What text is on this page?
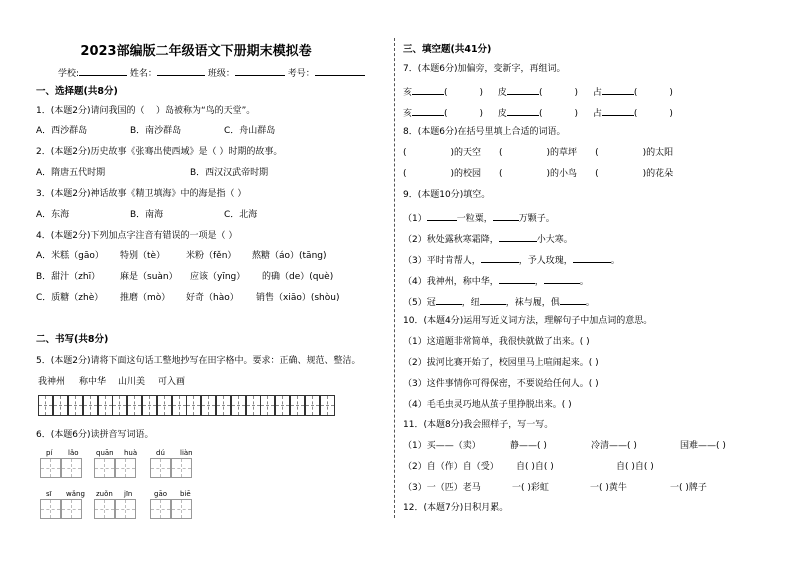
2023部编版二年级语文下册期末模拟卷
学校:	姓名：	班级：	考号：
一、选择题(共8分)
1．(本题2分)请问我国的（ ）岛被称为“鸟的天堂”。
A．西沙群岛	B．南沙群岛	C．舟山群岛
2．(本题2分)历史故事《张骞出使西域》是（ ）时期的故事。
A．隋唐五代时期	B．西汉汉武帝时期
3．(本题2分)神话故事《精卫填海》中的海是指（ ）
A．东海	B．南海	C．北海
4．(本题2分)下列加点字注音有错误的一项是（ ）
A．米糕（gāo） 特别（tè） 米粉（fěn） 熬糖（áo）(tāng)
B．甜汁（zhī） 麻是（suàn） 应该（yīng） 的确（de）(què)
C．质糖（zhè） 推磨（mò） 好奇（hào） 销售（xiāo）(shòu)
二、书写(共8分)
5．(本题2分)请将下面这句话工整地抄写在田字格中。要求：正确、规范、整洁。
我神州 称中华 山川美 可入画
6．(本题6分)读拼音写词语。
pí lǎo quān huà	dú liàn
sī wǎng zuǒn jīn	gāo biē
三、填空题(共41分)
7．(本题6分)加偏旁，变新字，再组词。
亥	(	) 皮	(	) 占	(	)
亥	(	) 皮	(	) 占	(	)
8．(本题6分)在括号里填上合适的词语。
(	)的天空 (	)的草坪 (	)的太阳
(	)的校园 (	)的小鸟 (	)的花朵
9．(本题10分)填空。
（1）	一粒粟，	万颗子。
（2）秋处露秋寒霜降，	小大寒。
（3）平时肯帮人，	，予人玫瑰，	。
（4）我神州，称中华，	，	。
（5）冠	，纽	，袜与履，俱	。
10．(本题4分)运用写近义词方法，理解句子中加点词的意思。
（1）这道题非常简单，我很快就做了出来。( )
（2）拔河比赛开始了，校园里马上喧闹起来。( )
（3）这件事情你可得保密，不要说给任何人。( )
（4）毛毛虫灵巧地从茧子里挣脱出来。( )
11．(本题8分)我会照样子，写一写。
（1）买——（卖）	静——( )	冷清——( )	国难——( )
（2）自（作）自（受） 自( )自( )	自( )自( )
（3）一（匹）老马	一( )彩虹	一( )黄牛	一( )牌子
12．(本题7分)日积月累。
